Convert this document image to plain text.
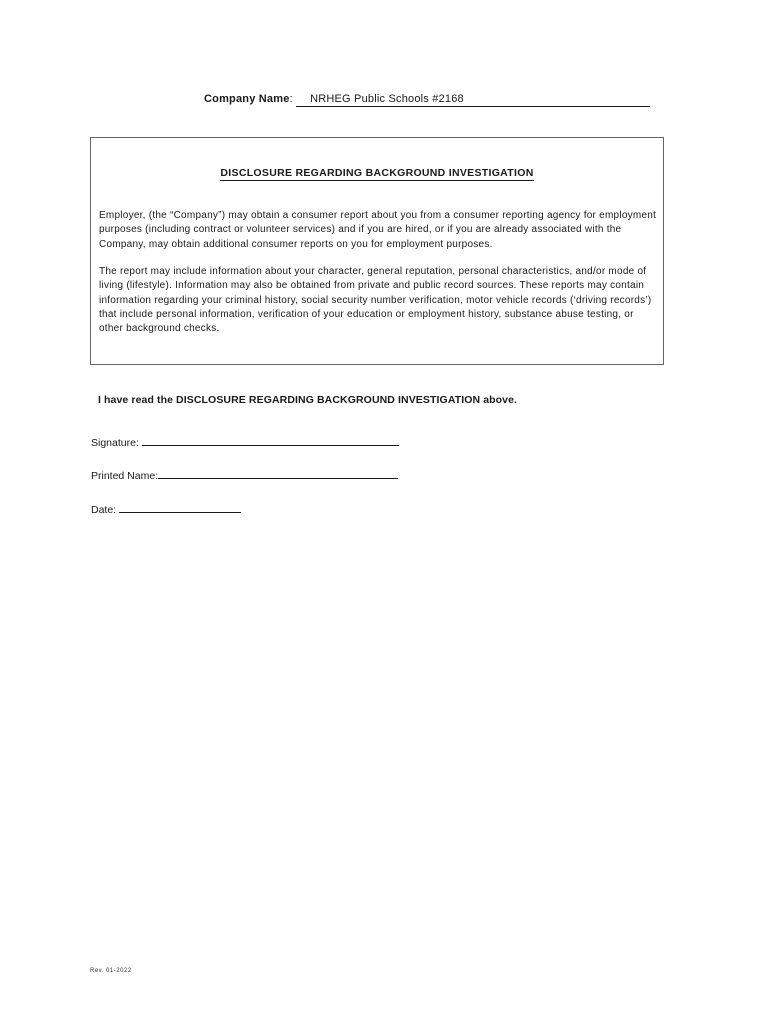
Company Name: NRHEG Public Schools #2168
DISCLOSURE REGARDING BACKGROUND INVESTIGATION

Employer, (the “Company”) may obtain a consumer report about you from a consumer reporting agency for employment purposes (including contract or volunteer services) and if you are hired, or if you are already associated with the Company, may obtain additional consumer reports on you for employment purposes.

The report may include information about your character, general reputation, personal characteristics, and/or mode of living (lifestyle). Information may also be obtained from private and public record sources. These reports may contain information regarding your criminal history, social security number verification, motor vehicle records (‘driving records’) that include personal information, verification of your education or employment history, substance abuse testing, or other background checks.

I have read the DISCLOSURE REGARDING BACKGROUND INVESTIGATION above.
Signature:
Printed Name:
Date:
Rev. 01-2022
